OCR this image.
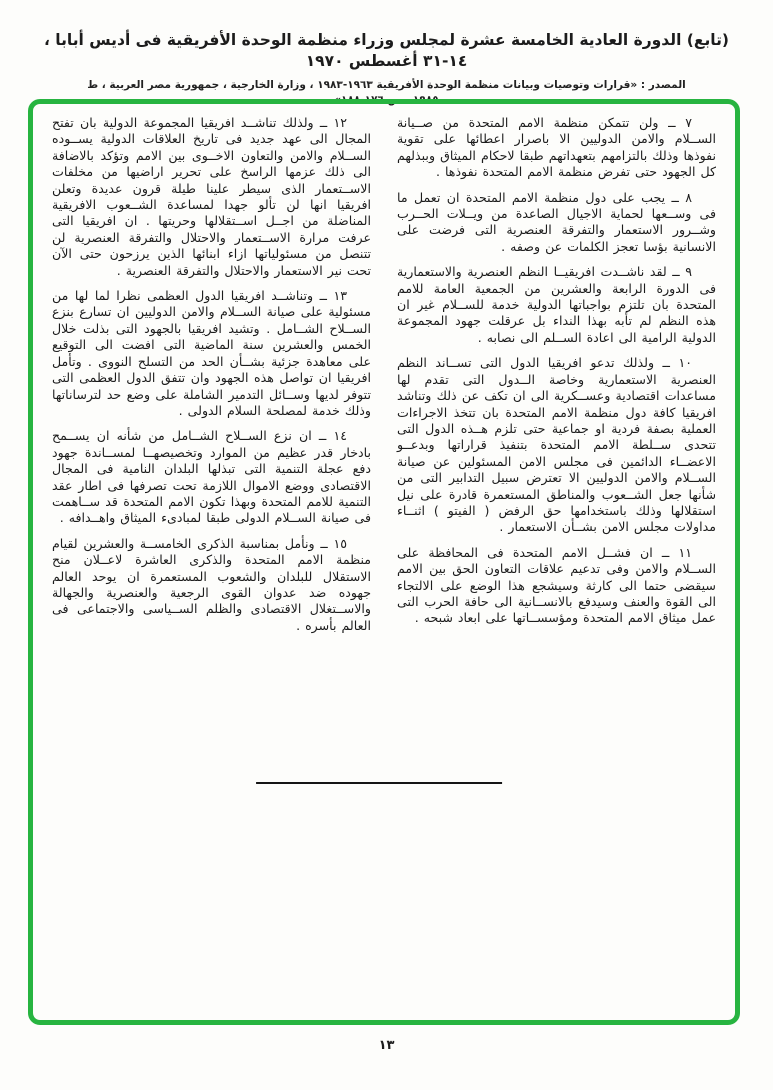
(تابع) الدورة العادية الخامسة عشرة لمجلس وزراء منظمة الوحدة الأفريقية فى أديس أبابا ، ١٤-٣١ أغسطس ١٩٧٠
المصدر : «قرارات وتوصيات وبيانات منظمة الوحدة الأفريقية ١٩٦٣-١٩٨٣ ، وزارة الخارجية ، جمهورية مصر العربية ، ط ١٩٨٥ ، ص ١٧٦-١٨٨»

٧ ــ ولن تتمكن منظمة الامم المتحدة من صــيانة الســلام والامن الدوليين الا باصرار اعطائها على تقوية نفوذها وذلك بالتزامهم بتعهداتهم طبقا لاحكام الميثاق وببذلهم كل الجهود حتى تفرض منظمة الامم المتحدة نفوذها .

٨ ــ يجب على دول منظمة الامم المتحدة ان تعمل ما فى وســعها لحماية الاجيال الصاعدة من ويــلات الحــرب وشــرور الاستعمار والتفرقة العنصرية التى فرضت على الانسانية بؤسا تعجز الكلمات عن وصفه .

٩ ــ لقد ناشــدت افريقيــا النظم العنصرية والاستعمارية فى الدورة الرابعة والعشرين من الجمعية العامة للامم المتحدة بان تلتزم بواجباتها الدولية خدمة للســلام غير ان هذه النظم لم تأبه بهذا النداء بل عرقلت جهود المجموعة الدولية الرامية الى اعادة الســلم الى نصابه .

١٠ ــ ولذلك تدعو افريقيا الدول التى تســاند النظم العنصرية الاستعمارية وخاصة الــدول التى تقدم لها مساعدات اقتصادية وعســكرية الى ان تكف عن ذلك وتناشد افريقيا كافة دول منظمة الامم المتحدة بان تتخذ الاجراءات العملية بصفة فردية او جماعية حتى تلزم هــذه الدول التى تتحدى ســلطة الامم المتحدة بتنفيذ قراراتها وبدعــو الاعضــاء الدائمين فى مجلس الامن المسئولين عن صيانة الســلام والامن الدوليين الا تعترض سبيل التدابير التى من شأنها جعل الشــعوب والمناطق المستعمرة قادرة على نيل استقلالها وذلك باستخدامها حق الرفض ( الفيتو ) اثنــاء مداولات مجلس الامن بشــأن الاستعمار .

١١ ــ ان فشــل الامم المتحدة فى المحافظة على الســلام والامن وفى تدعيم علاقات التعاون الحق بين الامم سيقضى حتما الى كارثة وسيشجع هذا الوضع على الالتجاء الى القوة والعنف وسيدفع بالانســانية الى حافة الحرب التى عمل ميثاق الامم المتحدة ومؤسســاتها على ابعاد شبحه .

١٢ ــ ولذلك تناشــد افريقيا المجموعة الدولية بان تفتح المجال الى عهد جديد فى تاريخ العلاقات الدولية يســوده الســلام والامن والتعاون الاخــوى بين الامم وتؤكد بالاضافة الى ذلك عزمها الراسخ على تحرير اراضيها من مخلفات الاســتعمار الذى سيطر علينا طيلة قرون عديدة وتعلن افريقيا انها لن تألو جهدا لمساعدة الشــعوب الافريقية المناضلة من اجــل اســتقلالها وحريتها . ان افريقيا التى عرفت مرارة الاســتعمار والاحتلال والتفرقة العنصرية لن تتنصل من مسئولياتها ازاء ابنائها الذين يرزحون حتى الآن تحت نير الاستعمار والاحتلال والتفرقة العنصرية .

١٣ ــ وتناشــد افريقيا الدول العظمى نظرا لما لها من مسئولية على صيانة الســلام والامن الدوليين ان تسارع بنزع الســلاح الشــامل . وتشيد افريقيا بالجهود التى بذلت خلال الخمس والعشرين سنة الماضية التى افضت الى التوقيع على معاهدة جزئية بشــأن الحد من التسلح النووى . وتأمل افريقيا ان تواصل هذه الجهود وان تتفق الدول العظمى التى تتوفر لديها وســائل التدمير الشاملة على وضع حد لترساناتها وذلك خدمة لمصلحة السلام الدولى .

١٤ ــ ان نزع الســلاح الشــامل من شأنه ان يســمح بادخار قدر عظيم من الموارد وتخصيصهــا لمســاندة جهود دفع عجلة التنمية التى تبذلها البلدان النامية فى المجال الاقتصادى ووضع الاموال اللازمة تحت تصرفها فى اطار عقد التنمية للامم المتحدة وبهذا تكون الامم المتحدة قد ســاهمت فى صيانة الســلام الدولى طبقا لمبادىء الميثاق واهــدافه .

١٥ ــ ونأمل بمناسبة الذكرى الخامســة والعشرين لقيام منظمة الامم المتحدة والذكرى العاشرة لاعــلان منح الاستقلال للبلدان والشعوب المستعمرة ان يوحد العالم جهوده ضد عدوان القوى الرجعية والعنصرية والجهالة والاســتغلال الاقتصادى والظلم الســياسى والاجتماعى فى العالم بأسره .

١٣
